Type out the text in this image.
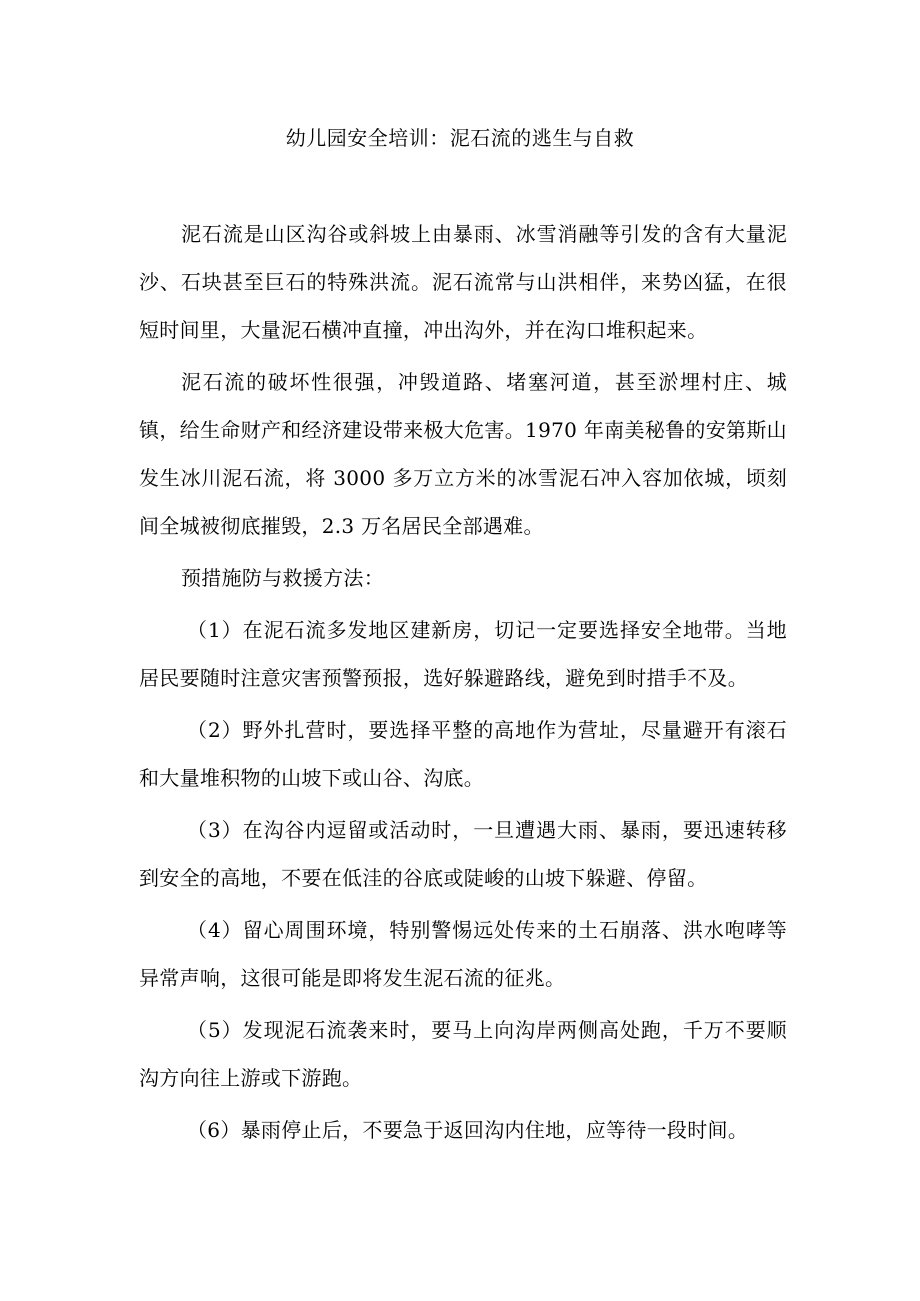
幼儿园安全培训：泥石流的逃生与自救

泥石流是山区沟谷或斜坡上由暴雨、冰雪消融等引发的含有大量泥沙、石块甚至巨石的特殊洪流。泥石流常与山洪相伴，来势凶猛，在很短时间里，大量泥石横冲直撞，冲出沟外，并在沟口堆积起来。

泥石流的破坏性很强，冲毁道路、堵塞河道，甚至淤埋村庄、城镇，给生命财产和经济建设带来极大危害。1970 年南美秘鲁的安第斯山发生冰川泥石流，将 3000 多万立方米的冰雪泥石冲入容加依城，顷刻间全城被彻底摧毁，2.3 万名居民全部遇难。

预措施防与救援方法：

（1）在泥石流多发地区建新房，切记一定要选择安全地带。当地居民要随时注意灾害预警预报，选好躲避路线，避免到时措手不及。

（2）野外扎营时，要选择平整的高地作为营址，尽量避开有滚石和大量堆积物的山坡下或山谷、沟底。

（3）在沟谷内逗留或活动时，一旦遭遇大雨、暴雨，要迅速转移到安全的高地，不要在低洼的谷底或陡峻的山坡下躲避、停留。

（4）留心周围环境，特别警惕远处传来的土石崩落、洪水咆哮等异常声响，这很可能是即将发生泥石流的征兆。

（5）发现泥石流袭来时，要马上向沟岸两侧高处跑，千万不要顺沟方向往上游或下游跑。

（6）暴雨停止后，不要急于返回沟内住地，应等待一段时间。
